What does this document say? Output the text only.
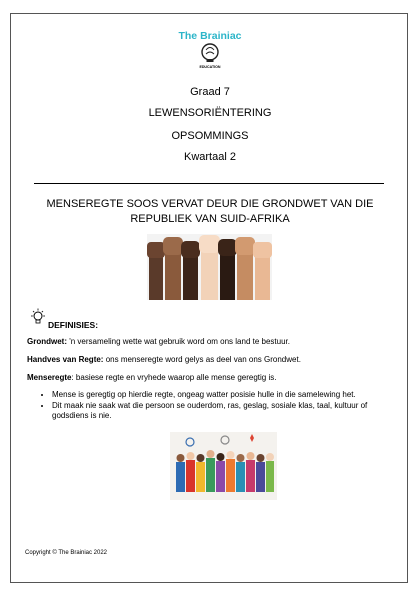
The Brainiac
EDUCATION
Graad 7
LEWENSORIËNTERING
OPSOMMINGS
Kwartaal 2
MENSEREGTE SOOS VERVAT DEUR DIE GRONDWET VAN DIE
REPUBLIEK VAN SUID-AFRIKA
DEFINISIES:
Grondwet: 'n versameling wette wat gebruik word om ons land te bestuur.
Handves van Regte: ons menseregte word gelys as deel van ons Grondwet.
Menseregte: basiese regte en vryhede waarop alle mense geregtig is.
• Mense is geregtig op hierdie regte, ongeag watter posisie hulle in die samelewing het.
• Dit maak nie saak wat die persoon se ouderdom, ras, geslag, sosiale klas, taal, kultuur of godsdiens is nie.
Copyright © The Brainiac 2022
